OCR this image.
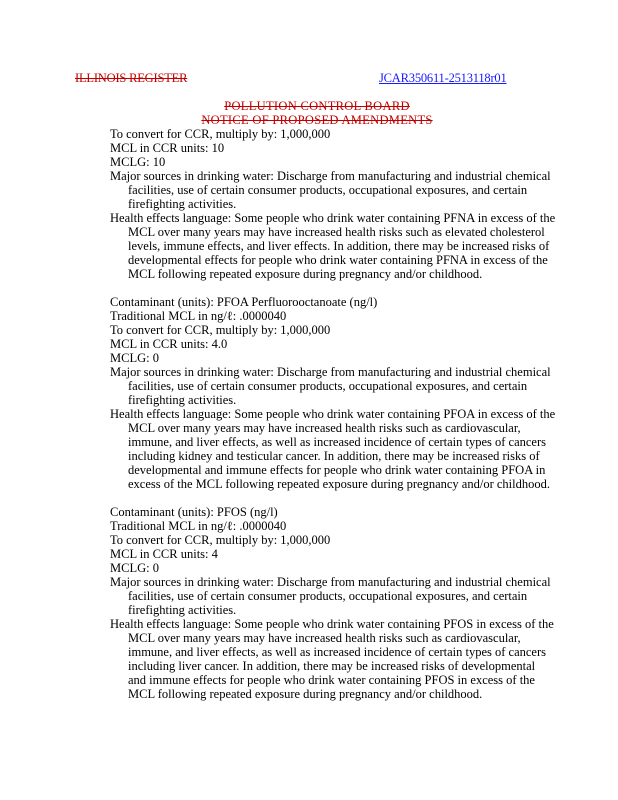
ILLINOIS REGISTER	JCAR350611-2513118r01
POLLUTION CONTROL BOARD
NOTICE OF PROPOSED AMENDMENTS
To convert for CCR, multiply by: 1,000,000
MCL in CCR units: 10
MCLG: 10
Major sources in drinking water: Discharge from manufacturing and industrial chemical
facilities, use of certain consumer products, occupational exposures, and certain
firefighting activities.
Health effects language: Some people who drink water containing PFNA in excess of the
MCL over many years may have increased health risks such as elevated cholesterol
levels, immune effects, and liver effects. In addition, there may be increased risks of
developmental effects for people who drink water containing PFNA in excess of the
MCL following repeated exposure during pregnancy and/or childhood.
Contaminant (units): PFOA Perfluorooctanoate (ng/l)
Traditional MCL in ng/ℓ: .0000040
To convert for CCR, multiply by: 1,000,000
MCL in CCR units: 4.0
MCLG: 0
Major sources in drinking water: Discharge from manufacturing and industrial chemical
facilities, use of certain consumer products, occupational exposures, and certain
firefighting activities.
Health effects language: Some people who drink water containing PFOA in excess of the
MCL over many years may have increased health risks such as cardiovascular,
immune, and liver effects, as well as increased incidence of certain types of cancers
including kidney and testicular cancer. In addition, there may be increased risks of
developmental and immune effects for people who drink water containing PFOA in
excess of the MCL following repeated exposure during pregnancy and/or childhood.
Contaminant (units): PFOS (ng/l)
Traditional MCL in ng/ℓ: .0000040
To convert for CCR, multiply by: 1,000,000
MCL in CCR units: 4
MCLG: 0
Major sources in drinking water: Discharge from manufacturing and industrial chemical
facilities, use of certain consumer products, occupational exposures, and certain
firefighting activities.
Health effects language: Some people who drink water containing PFOS in excess of the
MCL over many years may have increased health risks such as cardiovascular,
immune, and liver effects, as well as increased incidence of certain types of cancers
including liver cancer. In addition, there may be increased risks of developmental
and immune effects for people who drink water containing PFOS in excess of the
MCL following repeated exposure during pregnancy and/or childhood.
